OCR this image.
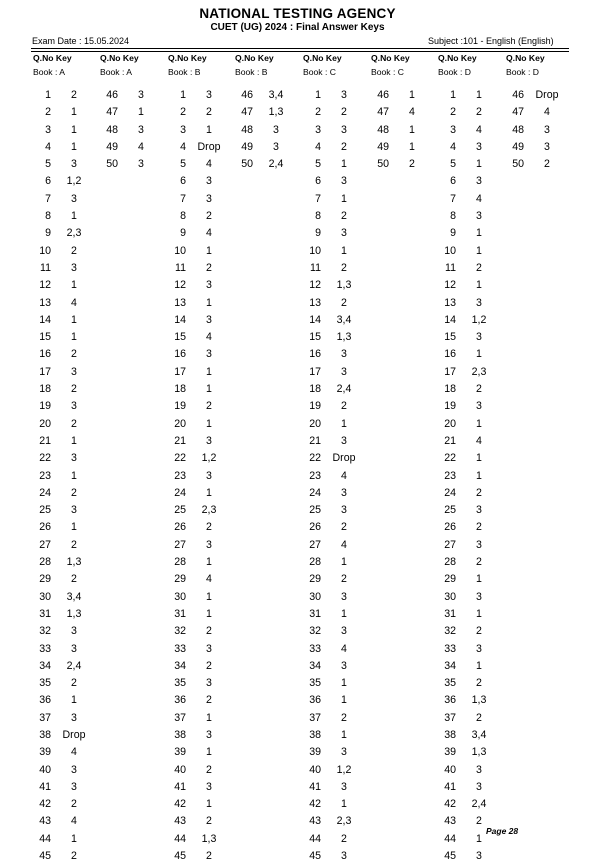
NATIONAL TESTING AGENCY
CUET (UG) 2024 : Final Answer Keys
Exam Date : 15.05.2024	Subject :101 - English (English)
Q.No Key
Book : A
1	2
2	1
3	1
4	1
5	3
6	1,2
7	3
8	1
9	2,3
10	2
11	3
12	1
13	4
14	1
15	1
16	2
17	3
18	2
19	3
20	2
21	1
22	3
23	1
24	2
25	3
26	1
27	2
28	1,3
29	2
30	3,4
31	1,3
32	3
33	3
34	2,4
35	2
36	1
37	3
38	Drop
39	4
40	3
41	3
42	2
43	4
44	1
45	2
Q.No Key
Book : A
46	3
47	1
48	3
49	4
50	3
Q.No Key
Book : B
1	3
2	2
3	1
4	Drop
5	4
6	3
7	3
8	2
9	4
10	1
11	2
12	3
13	1
14	3
15	4
16	3
17	1
18	1
19	2
20	1
21	3
22	1,2
23	3
24	1
25	2,3
26	2
27	3
28	1
29	4
30	1
31	1
32	2
33	3
34	2
35	3
36	2
37	1
38	3
39	1
40	2
41	3
42	1
43	2
44	1,3
45	2
Q.No Key
Book : B
46	3,4
47	1,3
48	3
49	3
50	2,4
Q.No Key
Book : C
1	3
2	2
3	3
4	2
5	1
6	3
7	1
8	2
9	3
10	1
11	2
12	1,3
13	2
14	3,4
15	1,3
16	3
17	3
18	2,4
19	2
20	1
21	3
22	Drop
23	4
24	3
25	3
26	2
27	4
28	1
29	2
30	3
31	1
32	3
33	4
34	3
35	1
36	1
37	2
38	1
39	3
40	1,2
41	3
42	1
43	2,3
44	2
45	3
Q.No Key
Book : C
46	1
47	4
48	1
49	1
50	2
Q.No Key
Book : D
1	1
2	2
3	4
4	3
5	1
6	3
7	4
8	3
9	1
10	1
11	2
12	1
13	3
14	1,2
15	3
16	1
17	2,3
18	2
19	3
20	1
21	4
22	1
23	1
24	2
25	3
26	2
27	3
28	2
29	1
30	3
31	1
32	2
33	3
34	1
35	2
36	1,3
37	2
38	3,4
39	1,3
40	3
41	3
42	2,4
43	2
44	1
45	3
Q.No Key
Book : D
46	Drop
47	4
48	3
49	3
50	2
Page 28
